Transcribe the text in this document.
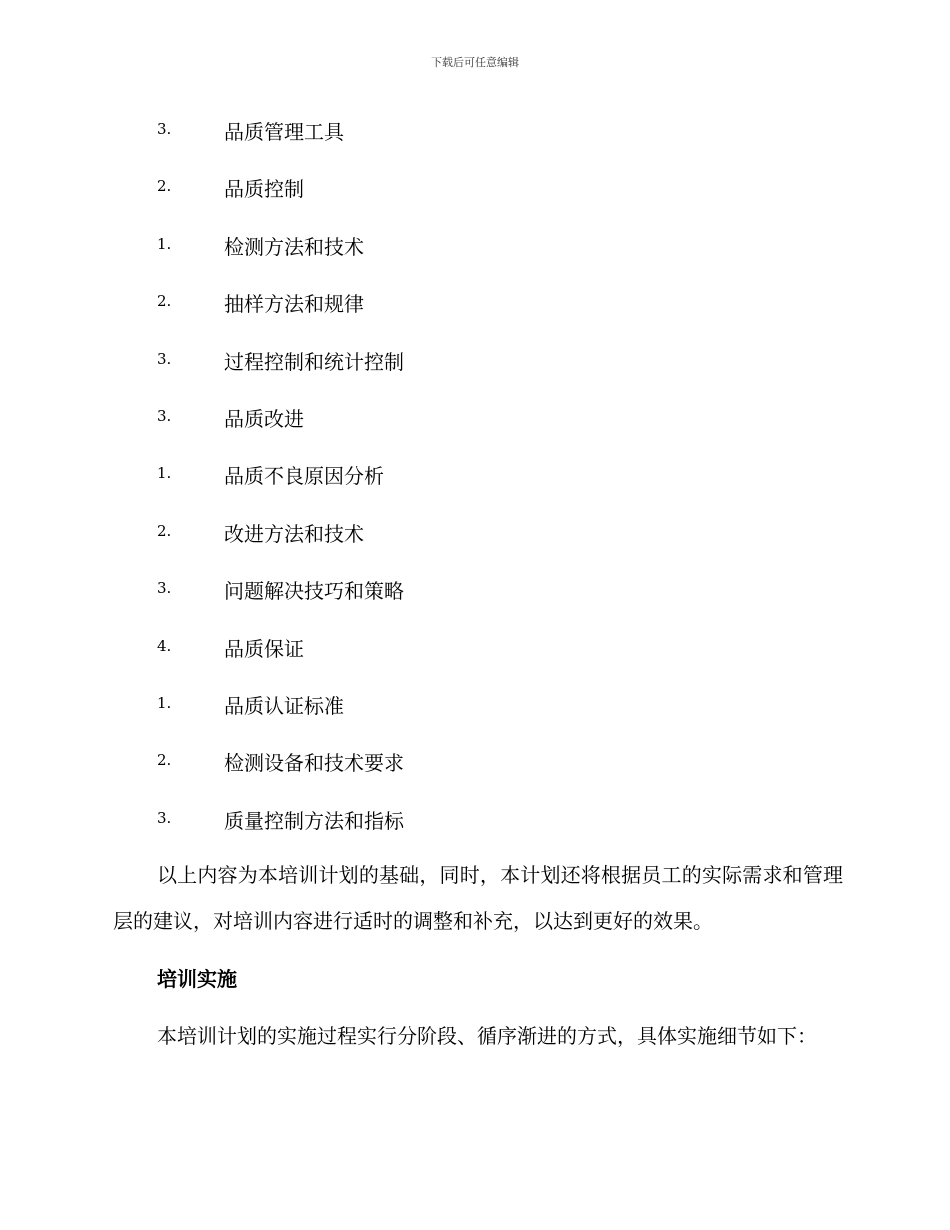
下载后可任意编辑
3.	品质管理工具
2.	品质控制
1.	检测方法和技术
2.	抽样方法和规律
3.	过程控制和统计控制
3.	品质改进
1.	品质不良原因分析
2.	改进方法和技术
3.	问题解决技巧和策略
4.	品质保证
1.	品质认证标准
2.	检测设备和技术要求
3.	质量控制方法和指标

以上内容为本培训计划的基础，同时，本计划还将根据员工的实际需求和管理层的建议，对培训内容进行适时的调整和补充，以达到更好的效果。

培训实施

本培训计划的实施过程实行分阶段、循序渐进的方式，具体实施细节如下：
